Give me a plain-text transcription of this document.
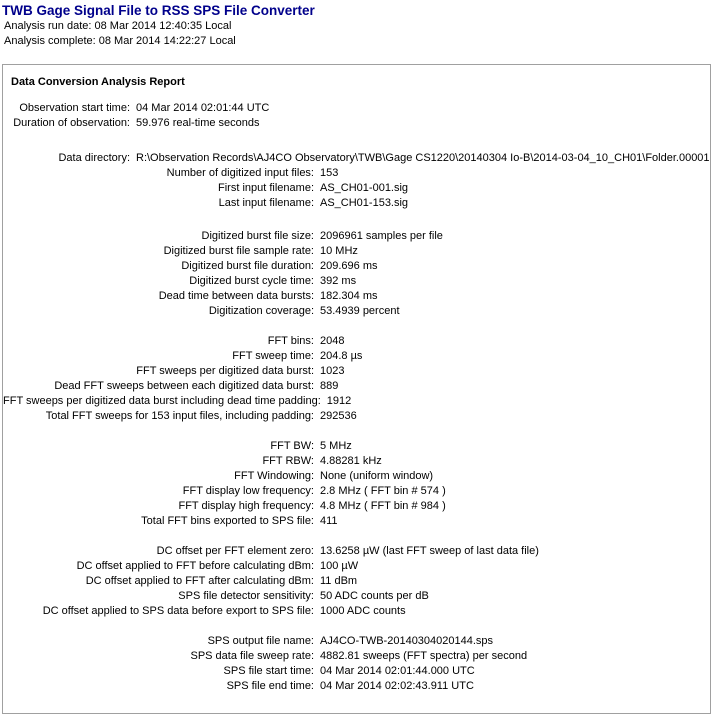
TWB Gage Signal File to RSS SPS File Converter
Analysis run date: 08 Mar 2014 12:40:35 Local
Analysis complete: 08 Mar 2014 14:22:27 Local
Data Conversion Analysis Report
Observation start time: 04 Mar 2014 02:01:44 UTC
Duration of observation: 59.976 real-time seconds
Data directory: R:\Observation Records\AJ4CO Observatory\TWB\Gage CS1220\20140304 Io-B\2014-03-04_10_CH01\Folder.00001
Number of digitized input files: 153
First input filename: AS_CH01-001.sig
Last input filename: AS_CH01-153.sig
Digitized burst file size: 2096961 samples per file
Digitized burst file sample rate: 10 MHz
Digitized burst file duration: 209.696 ms
Digitized burst cycle time: 392 ms
Dead time between data bursts: 182.304 ms
Digitization coverage: 53.4939 percent
FFT bins: 2048
FFT sweep time: 204.8 µs
FFT sweeps per digitized data burst: 1023
Dead FFT sweeps between each digitized data burst: 889
FFT sweeps per digitized data burst including dead time padding: 1912
Total FFT sweeps for 153 input files, including padding: 292536
FFT BW: 5 MHz
FFT RBW: 4.88281 kHz
FFT Windowing: None (uniform window)
FFT display low frequency: 2.8 MHz ( FFT bin # 574 )
FFT display high frequency: 4.8 MHz ( FFT bin # 984 )
Total FFT bins exported to SPS file: 411
DC offset per FFT element zero: 13.6258 µW (last FFT sweep of last data file)
DC offset applied to FFT before calculating dBm: 100 µW
DC offset applied to FFT after calculating dBm: 11 dBm
SPS file detector sensitivity: 50 ADC counts per dB
DC offset applied to SPS data before export to SPS file: 1000 ADC counts
SPS output file name: AJ4CO-TWB-20140304020144.sps
SPS data file sweep rate: 4882.81 sweeps (FFT spectra) per second
SPS file start time: 04 Mar 2014 02:01:44.000 UTC
SPS file end time: 04 Mar 2014 02:02:43.911 UTC
